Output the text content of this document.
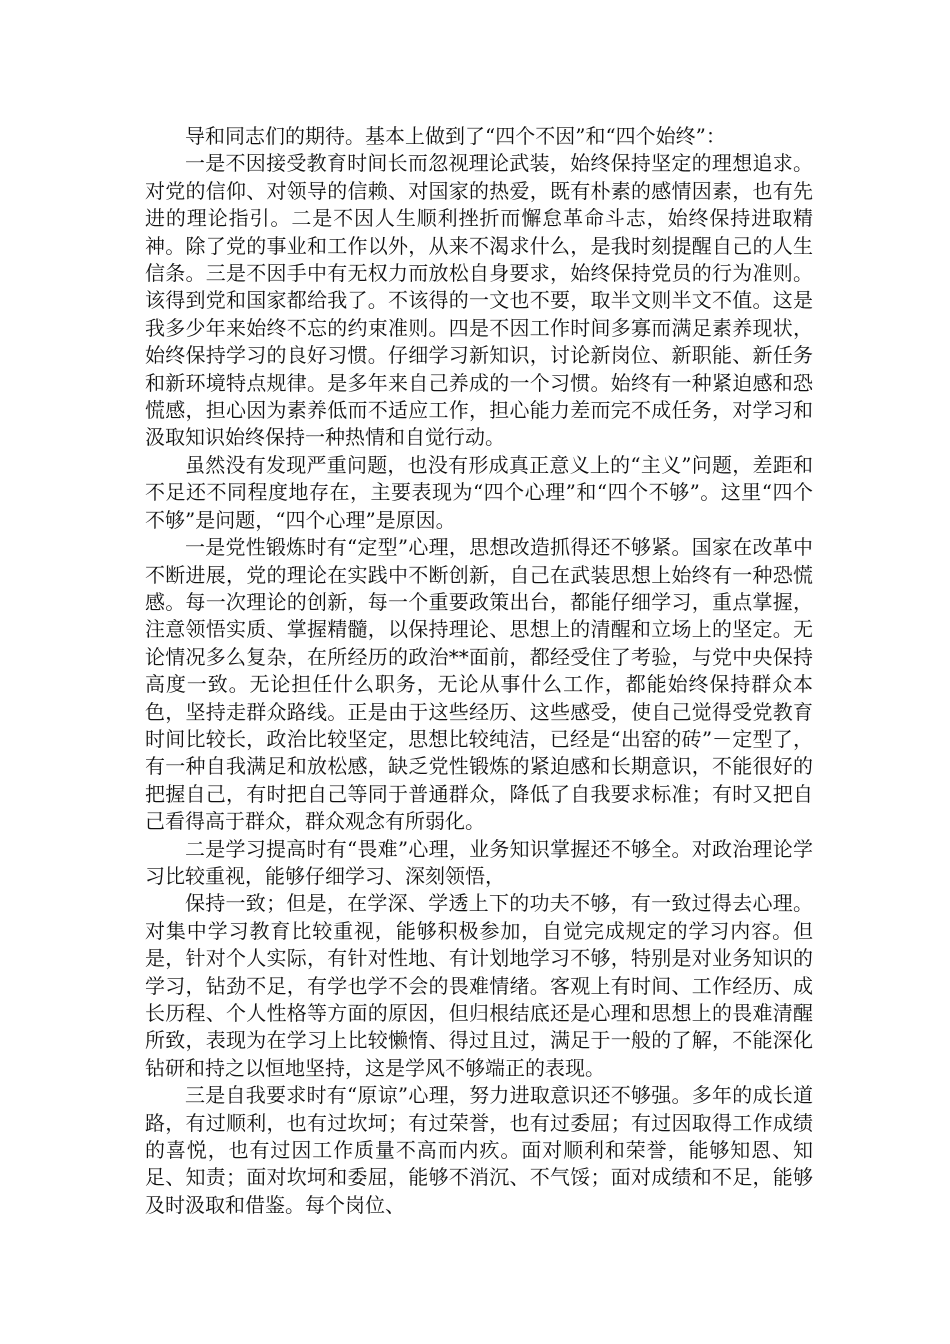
导和同志们的期待。基本上做到了“四个不因”和“四个始终”：

一是不因接受教育时间长而忽视理论武装，始终保持坚定的理想追求。对党的信仰、对领导的信赖、对国家的热爱，既有朴素的感情因素，也有先进的理论指引。二是不因人生顺利挫折而懈怠革命斗志，始终保持进取精神。除了党的事业和工作以外，从来不渴求什么，是我时刻提醒自己的人生信条。三是不因手中有无权力而放松自身要求，始终保持党员的行为准则。该得到党和国家都给我了。不该得的一文也不要，取半文则半文不值。这是我多少年来始终不忘的约束准则。四是不因工作时间多寡而满足素养现状，始终保持学习的良好习惯。仔细学习新知识，讨论新岗位、新职能、新任务和新环境特点规律。是多年来自己养成的一个习惯。始终有一种紧迫感和恐慌感，担心因为素养低而不适应工作，担心能力差而完不成任务，对学习和汲取知识始终保持一种热情和自觉行动。

虽然没有发现严重问题，也没有形成真正意义上的“主义”问题，差距和不足还不同程度地存在，主要表现为“四个心理”和“四个不够”。这里“四个不够”是问题，“四个心理”是原因。

一是党性锻炼时有“定型”心理，思想改造抓得还不够紧。国家在改革中不断进展，党的理论在实践中不断创新，自己在武装思想上始终有一种恐慌感。每一次理论的创新，每一个重要政策出台，都能仔细学习，重点掌握，注意领悟实质、掌握精髓，以保持理论、思想上的清醒和立场上的坚定。无论情况多么复杂，在所经历的政治**面前，都经受住了考验，与党中央保持高度一致。无论担任什么职务，无论从事什么工作，都能始终保持群众本色，坚持走群众路线。正是由于这些经历、这些感受，使自己觉得受党教育时间比较长，政治比较坚定，思想比较纯洁，已经是“出窑的砖”－定型了，有一种自我满足和放松感，缺乏党性锻炼的紧迫感和长期意识，不能很好的把握自己，有时把自己等同于普通群众，降低了自我要求标准；有时又把自己看得高于群众，群众观念有所弱化。

二是学习提高时有“畏难”心理，业务知识掌握还不够全。对政治理论学习比较重视，能够仔细学习、深刻领悟，

保持一致；但是，在学深、学透上下的功夫不够，有一致过得去心理。对集中学习教育比较重视，能够积极参加，自觉完成规定的学习内容。但是，针对个人实际，有针对性地、有计划地学习不够，特别是对业务知识的学习，钻劲不足，有学也学不会的畏难情绪。客观上有时间、工作经历、成长历程、个人性格等方面的原因，但归根结底还是心理和思想上的畏难清醒所致，表现为在学习上比较懒惰、得过且过，满足于一般的了解，不能深化钻研和持之以恒地坚持，这是学风不够端正的表现。

三是自我要求时有“原谅”心理，努力进取意识还不够强。多年的成长道路，有过顺利，也有过坎坷；有过荣誉，也有过委屈；有过因取得工作成绩的喜悦，也有过因工作质量不高而内疚。面对顺利和荣誉，能够知恩、知足、知责；面对坎坷和委屈，能够不消沉、不气馁；面对成绩和不足，能够及时汲取和借鉴。每个岗位、
